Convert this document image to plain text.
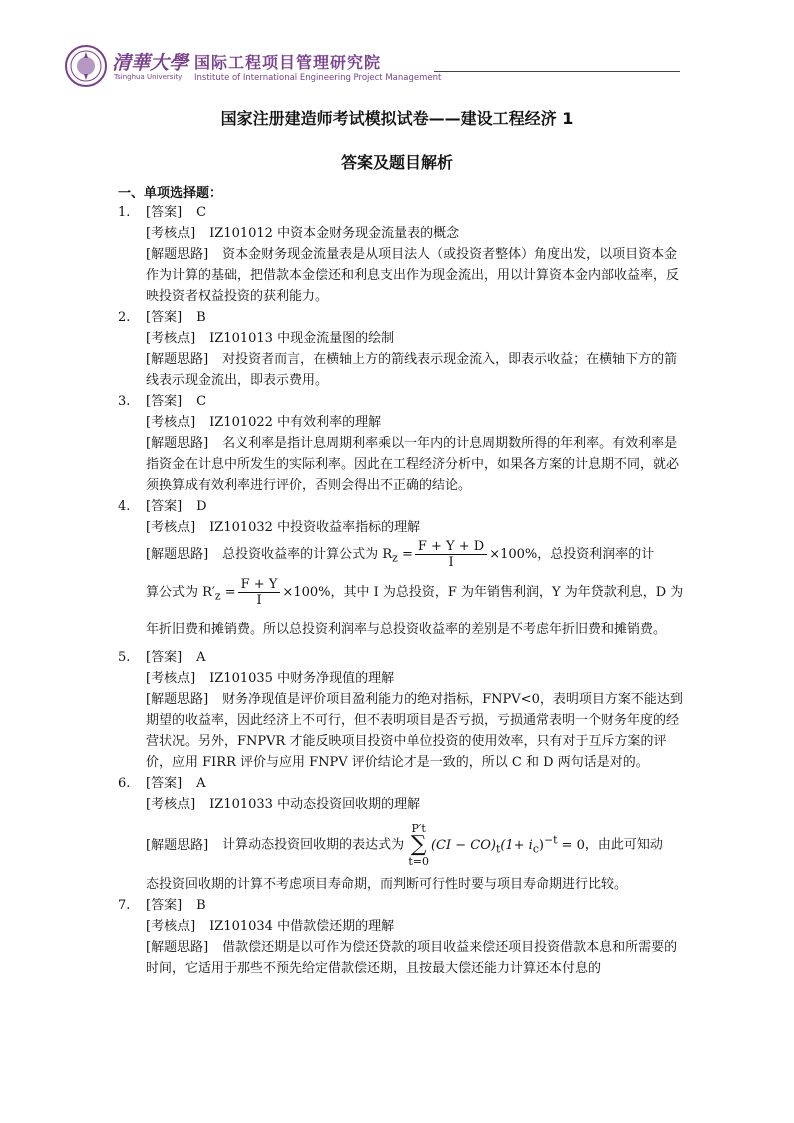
清華大學
Tsinghua University
国际工程项目管理研究院
Institute of International Engineering Project Management
国家注册建造师考试模拟试卷——建设工程经济 1
答案及题目解析
一、单项选择题：
1. [答案] C
[考核点] IZ101012 中资本金财务现金流量表的概念
[解题思路] 资本金财务现金流量表是从项目法人（或投资者整体）角度出发，以项目资本金作为计算的基础，把借款本金偿还和利息支出作为现金流出，用以计算资本金内部收益率，反映投资者权益投资的获利能力。
2. [答案] B
[考核点] IZ101013 中现金流量图的绘制
[解题思路] 对投资者而言，在横轴上方的箭线表示现金流入，即表示收益；在横轴下方的箭线表示现金流出，即表示费用。
3. [答案] C
[考核点] IZ101022 中有效利率的理解
[解题思路] 名义利率是指计息周期利率乘以一年内的计息周期数所得的年利率。有效利率是指资金在计息中所发生的实际利率。因此在工程经济分析中，如果各方案的计息期不同，就必须换算成有效利率进行评价，否则会得出不正确的结论。
4. [答案] D
[考核点] IZ101032 中投资收益率指标的理解
[解题思路] 总投资收益率的计算公式为 $R_z = \frac{F + Y + D}{I} \times 100\%$，总投资利润率的计
算公式为 $R'_z = \frac{F + Y}{I} \times 100\%$，其中 I 为总投资，F 为年销售利润，Y 为年贷款利息，D 为年折旧费和摊销费。所以总投资利润率与总投资收益率的差别是不考虑年折旧费和摊销费。
5. [答案] A
[考核点] IZ101035 中财务净现值的理解
[解题思路] 财务净现值是评价项目盈利能力的绝对指标，FNPV<0，表明项目方案不能达到期望的收益率，因此经济上不可行，但不表明项目是否亏损，亏损通常表明一个财务年度的经营状况。另外，FNPVR 才能反映项目投资中单位投资的使用效率，只有对于互斥方案的评价，应用 FIRR 评价与应用 FNPV 评价结论才是一致的，所以 C 和 D 两句话是对的。
6. [答案] A
[考核点] IZ101033 中动态投资回收期的理解
[解题思路] 计算动态投资回收期的表达式为 P′t
∑
$t=0(CI - CO)_t(1+ i_c)^{-t} = 0$，由此可知动
态投资回收期的计算不考虑项目寿命期，而判断可行性时要与项目寿命期进行比较。
7. [答案] B
[考核点] IZ101034 中借款偿还期的理解
[解题思路] 借款偿还期是以可作为偿还贷款的项目收益来偿还项目投资借款本息和所需要的时间，它适用于那些不预先给定借款偿还期，且按最大偿还能力计算还本付息的
